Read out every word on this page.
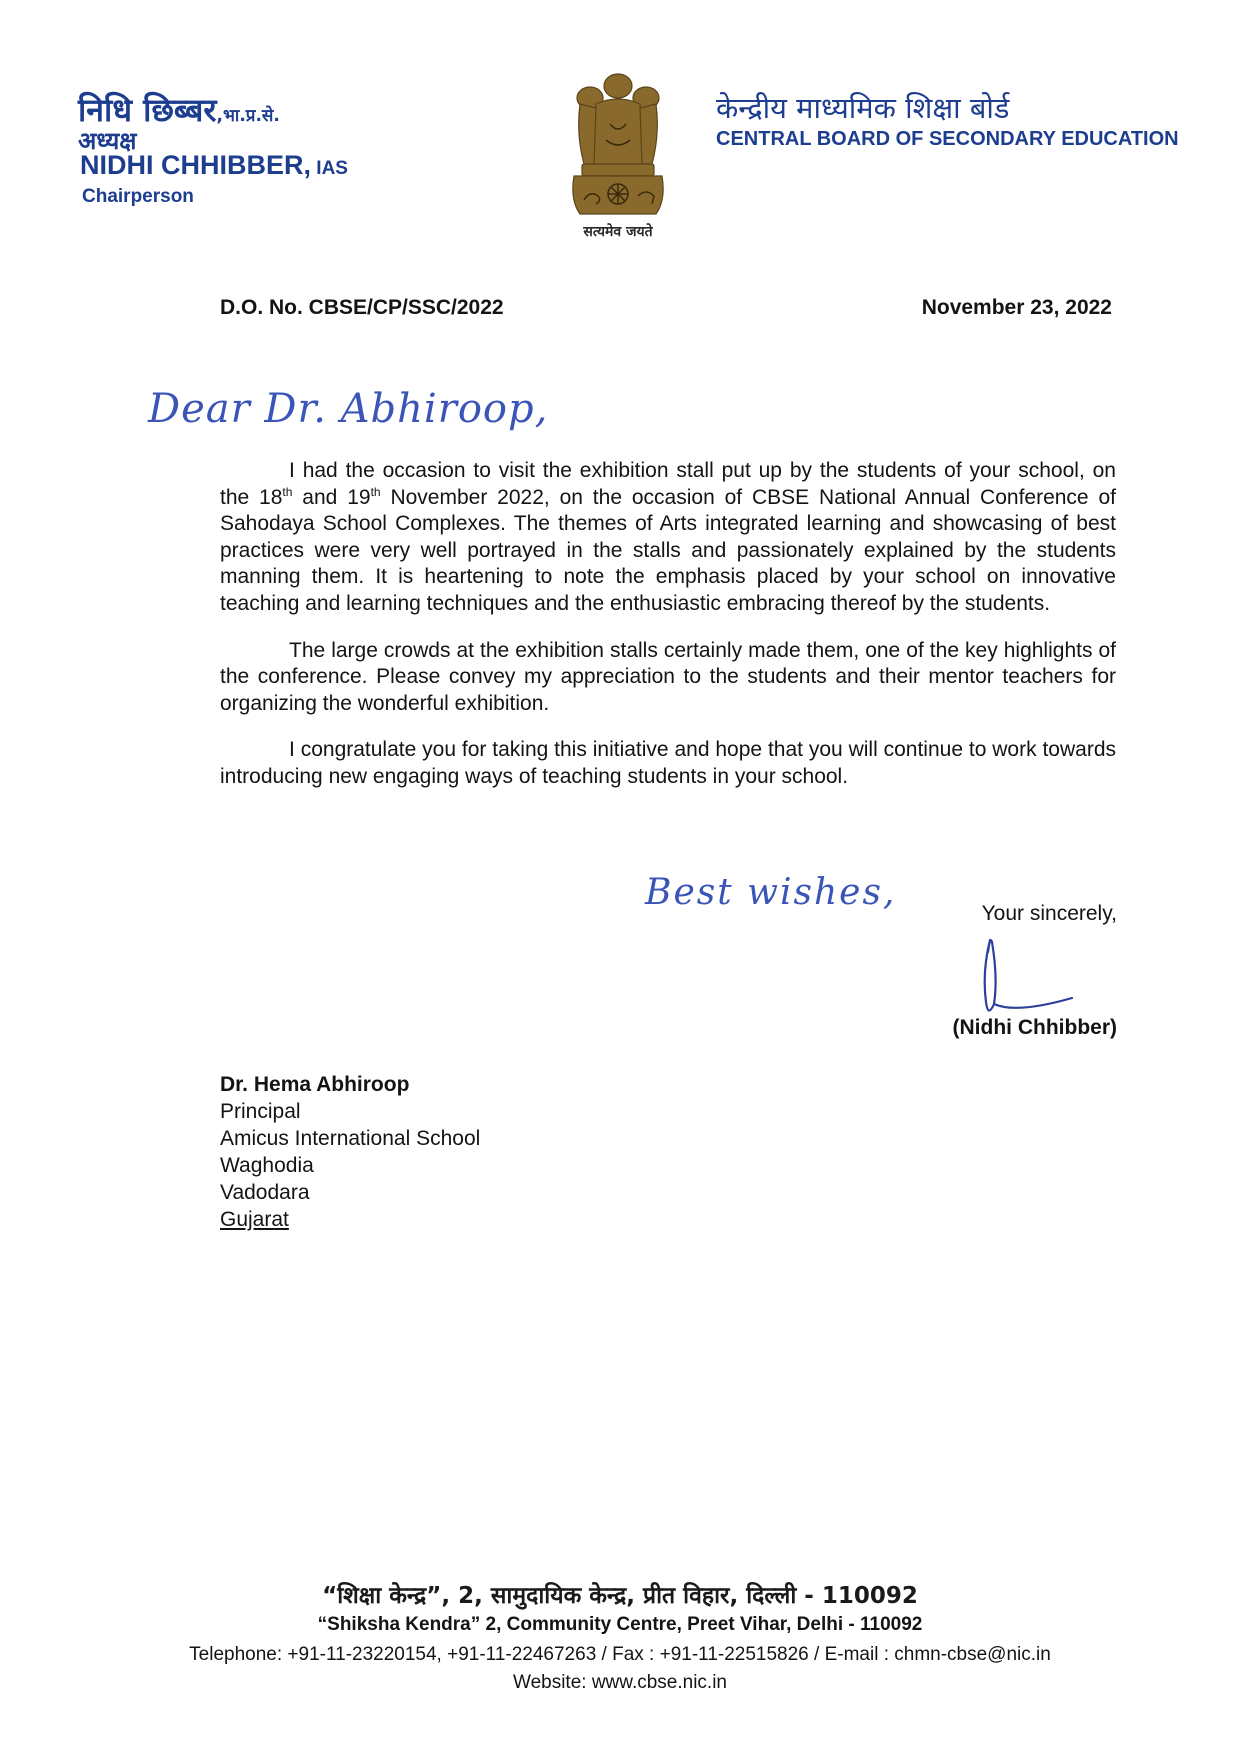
निधि छिब्बर,भा.प्र.से.
अध्यक्ष
NIDHI CHHIBBER, IAS
Chairperson
सत्यमेव जयते
केन्द्रीय माध्यमिक शिक्षा बोर्ड
CENTRAL BOARD OF SECONDARY EDUCATION
D.O. No. CBSE/CP/SSC/2022	November 23, 2022
Dear Dr. Abhiroop,

I had the occasion to visit the exhibition stall put up by the students of your school, on the 18th and 19th November 2022, on the occasion of CBSE National Annual Conference of Sahodaya School Complexes. The themes of Arts integrated learning and showcasing of best practices were very well portrayed in the stalls and passionately explained by the students manning them. It is heartening to note the emphasis placed by your school on innovative teaching and learning techniques and the enthusiastic embracing thereof by the students.

The large crowds at the exhibition stalls certainly made them, one of the key highlights of the conference. Please convey my appreciation to the students and their mentor teachers for organizing the wonderful exhibition.

I congratulate you for taking this initiative and hope that you will continue to work towards introducing new engaging ways of teaching students in your school.

Best wishes,
Your sincerely,
(Nidhi Chhibber)
Dr. Hema Abhiroop
Principal
Amicus International School
Waghodia
Vadodara
Gujarat
“शिक्षा केन्द्र”, 2, सामुदायिक केन्द्र, प्रीत विहार, दिल्ली - 110092
“Shiksha Kendra” 2, Community Centre, Preet Vihar, Delhi - 110092
Telephone: +91-11-23220154, +91-11-22467263 / Fax : +91-11-22515826 / E-mail : chmn-cbse@nic.in
Website: www.cbse.nic.in
